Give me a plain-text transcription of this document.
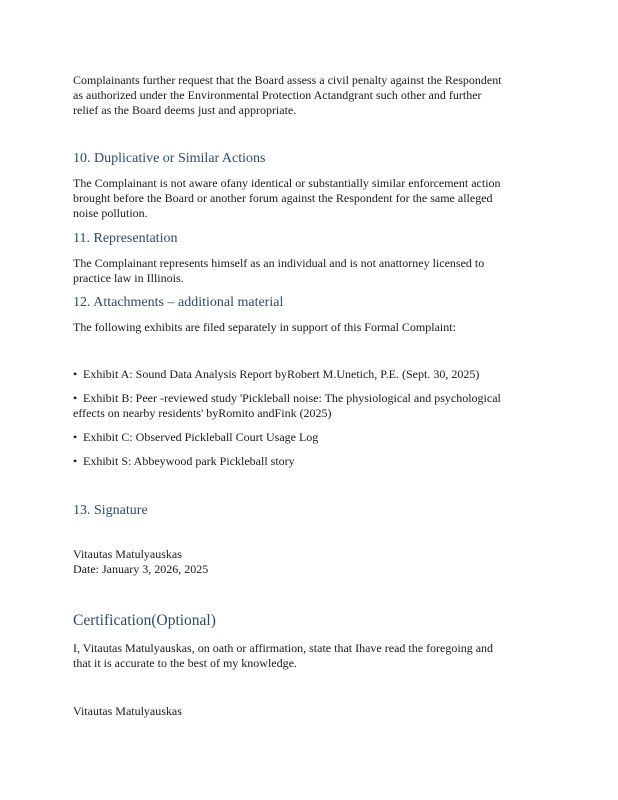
Complainants further request that the Board assess a civil penalty against the Respondent
as authorized under the Environmental Protection Actandgrant such other and further
relief as the Board deems just and appropriate.
10. Duplicative or Similar Actions
The Complainant is not aware ofany identical or substantially similar enforcement action
brought before the Board or another forum against the Respondent for the same alleged
noise pollution.
11. Representation
The Complainant represents himself as an individual and is not anattorney licensed to
practice law in Illinois.
12. Attachments – additional material
The following exhibits are filed separately in support of this Formal Complaint:
• Exhibit A: Sound Data Analysis Report byRobert M.Unetich, P.E. (Sept. 30, 2025)
• Exhibit B: Peer -reviewed study 'Pickleball noise: The physiological and psychological
effects on nearby residents' byRomito andFink (2025)
• Exhibit C: Observed Pickleball Court Usage Log
• Exhibit S: Abbeywood park Pickleball story
13. Signature
Vitautas Matulyauskas
Date: January 3, 2026, 2025
Certification(Optional)
I, Vitautas Matulyauskas, on oath or affirmation, state that Ihave read the foregoing and
that it is accurate to the best of my knowledge.
Vitautas Matulyauskas
